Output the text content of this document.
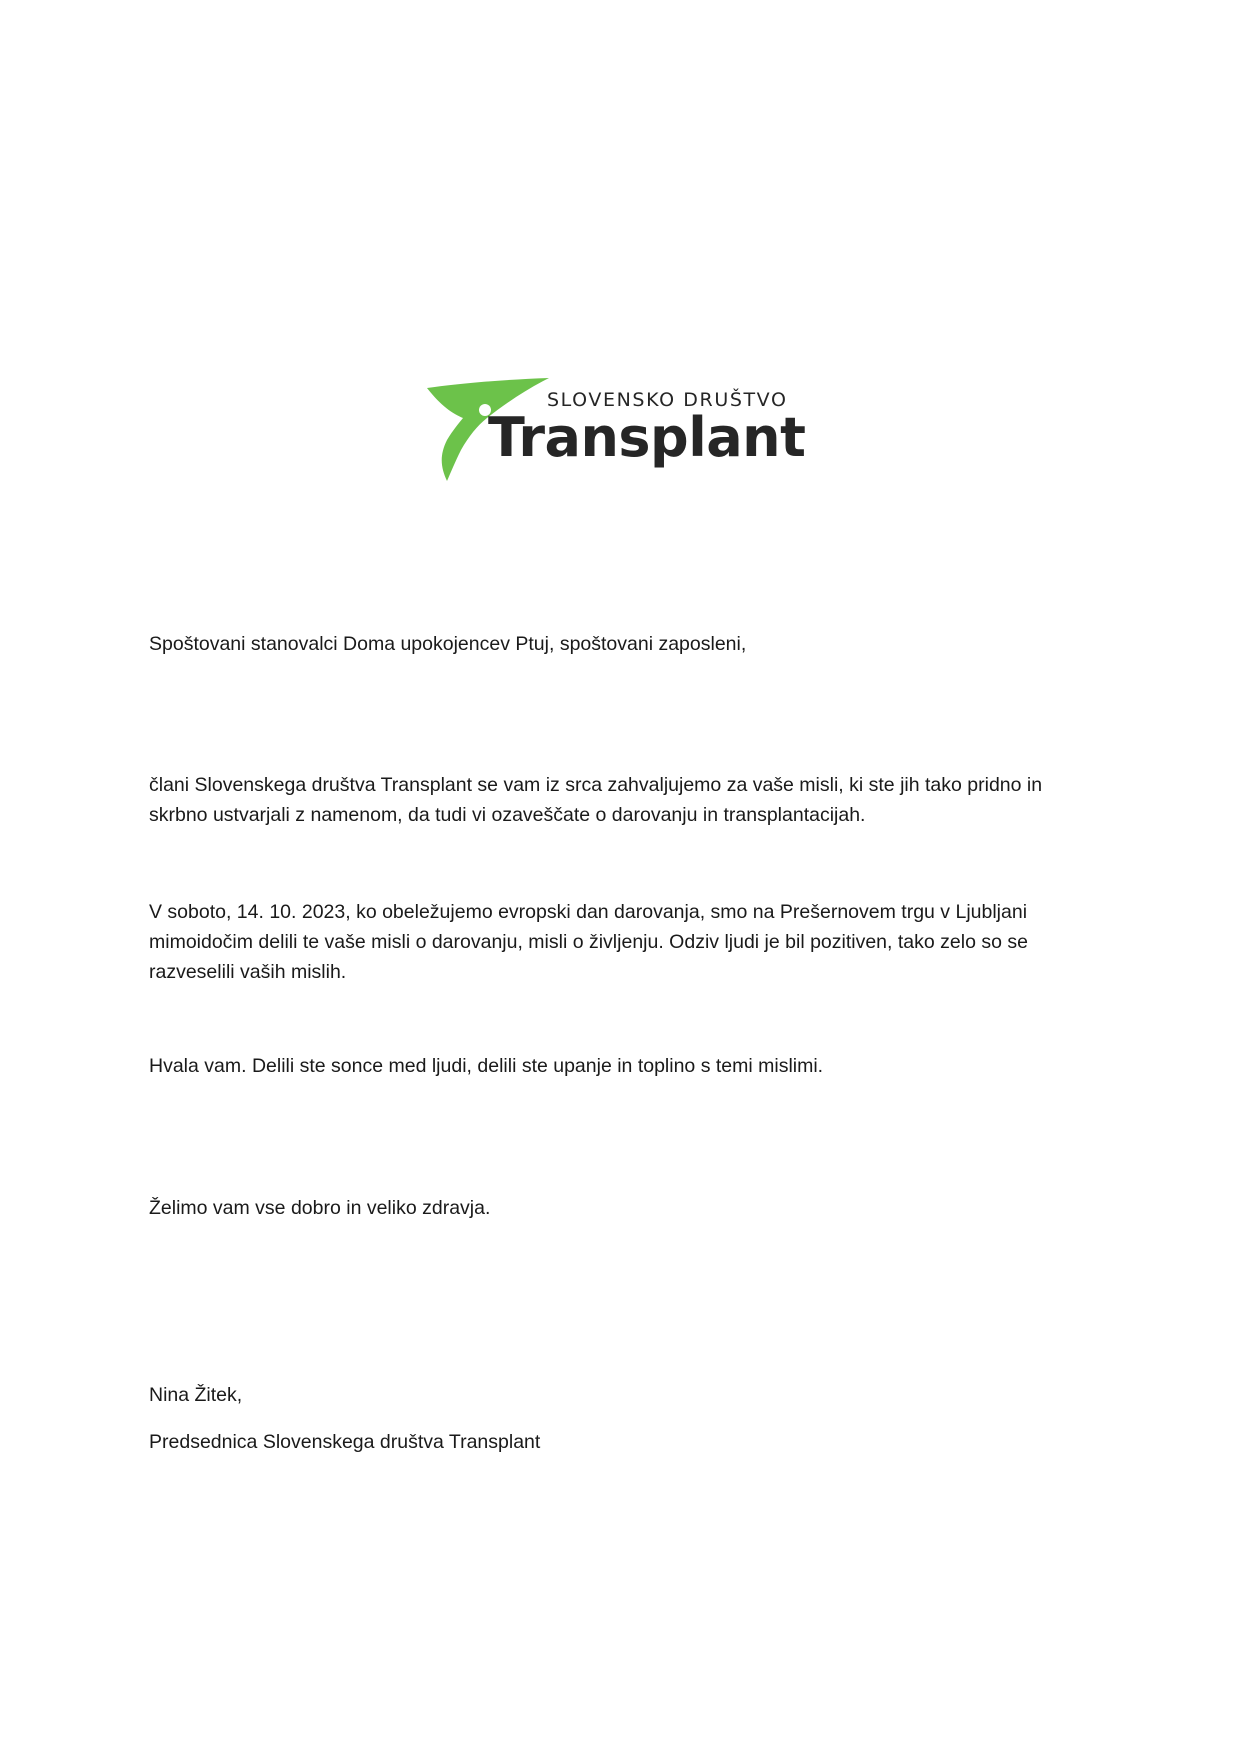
SLOVENSKO DRUŠTVO
Transplant

Spoštovani stanovalci Doma upokojencev Ptuj, spoštovani zaposleni,

člani Slovenskega društva Transplant se vam iz srca zahvaljujemo za vaše misli, ki ste jih tako pridno in skrbno ustvarjali z namenom, da tudi vi ozaveščate o darovanju in transplantacijah.

V soboto, 14. 10. 2023, ko obeležujemo evropski dan darovanja, smo na Prešernovem trgu v Ljubljani mimoidočim delili te vaše misli o darovanju, misli o življenju. Odziv ljudi je bil pozitiven, tako zelo so se razveselili vaših mislih.

Hvala vam. Delili ste sonce med ljudi, delili ste upanje in toplino s temi mislimi.

Želimo vam vse dobro in veliko zdravja.

Nina Žitek,

Predsednica Slovenskega društva Transplant
